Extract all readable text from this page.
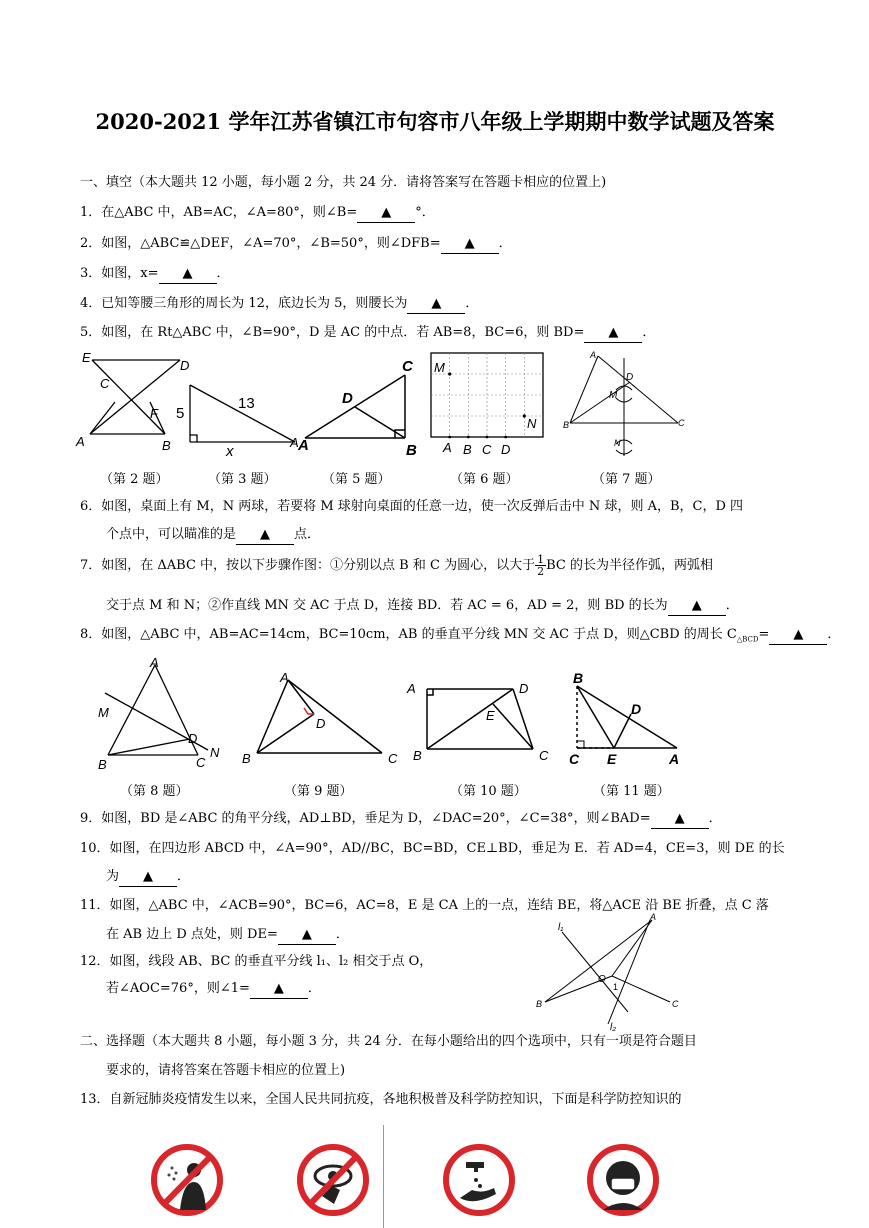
2020-2021 学年江苏省镇江市句容市八年级上学期期中数学试题及答案
一、填空（本大题共 12 小题，每小题 2 分，共 24 分．请将答案写在答题卡相应的位置上)
1．在△ABC 中，AB=AC，∠A=80°，则∠B= ▲ °．
2．如图，△ABC≌△DEF，∠A=70°，∠B=50°，则∠DFB= ▲ ．
3．如图，x= ▲ ．
4．已知等腰三角形的周长为 12，底边长为 5，则腰长为 ▲ ．
5．如图，在 Rt△ABC 中，∠B=90°，D 是 AC 的中点．若 AB=8，BC=6，则 BD= ▲ ．
E
D
C
F
A	B
5
13
x
A
C
D
B
A
M
N
A B C D
A
D
M
B	C
N
（第 2 题）	（第 3 题）	（第 5 题）	（第 6 题）	（第 7 题）
6．如图，桌面上有 M，N 两球，若要将 M 球射向桌面的任意一边，使一次反弹后击中 N 球，则 A，B，C，D 四
个点中，可以瞄准的是 ▲ 点．
7．如图，在 ΔABC 中，按以下步骤作图：①分别以点 B 和 C 为圆心，以大于 $\frac{1}{2}$ BC 的长为半径作弧，两弧相
交于点 M 和 N；②作直线 MN 交 AC 于点 D，连接 BD．若 AC = 6，AD = 2，则 BD 的长为 ▲ ．
8．如图，△ABC 中，AB=AC=14cm，BC=10cm，AB 的垂直平分线 MN 交 AC 于点 D，则△CBD 的周长 $C_{\triangle BCD}=$ ▲ ．
A
M
D
N
B	C
A
D
B	C
A	D
E
B	C
B
D
C E	A
（第 8 题）	（第 9 题）	（第 10 题）	（第 11 题）
9．如图，BD 是∠ABC 的角平分线，AD⊥BD，垂足为 D，∠DAC=20°，∠C=38°，则∠BAD= ▲ ．
10．如图，在四边形 ABCD 中，∠A=90°，AD//BC，BC=BD，CE⊥BD，垂足为 E．若 AD=4，CE=3，则 DE 的长
为 ▲ ．
11．如图，△ABC 中，∠ACB=90°，BC=6，AC=8，E 是 CA 上的一点，连结 BE，将△ACE 沿 BE 折叠，点 C 落
在 AB 边上 D 点处，则 DE= ▲ ．
12．如图，线段 AB、BC 的垂直平分线 l₁、l₂ 相交于点 O，
若∠AOC=76°，则∠1= ▲ ．
l₁
A
O
1
B	C
l₂
二、选择题（本大题共 8 小题，每小题 3 分，共 24 分．在每小题给出的四个选项中，只有一项是符合题目
要求的，请将答案在答题卡相应的位置上)
13．自新冠肺炎疫情发生以来，全国人民共同抗疫，各地积极普及科学防控知识，下面是科学防控知识的
